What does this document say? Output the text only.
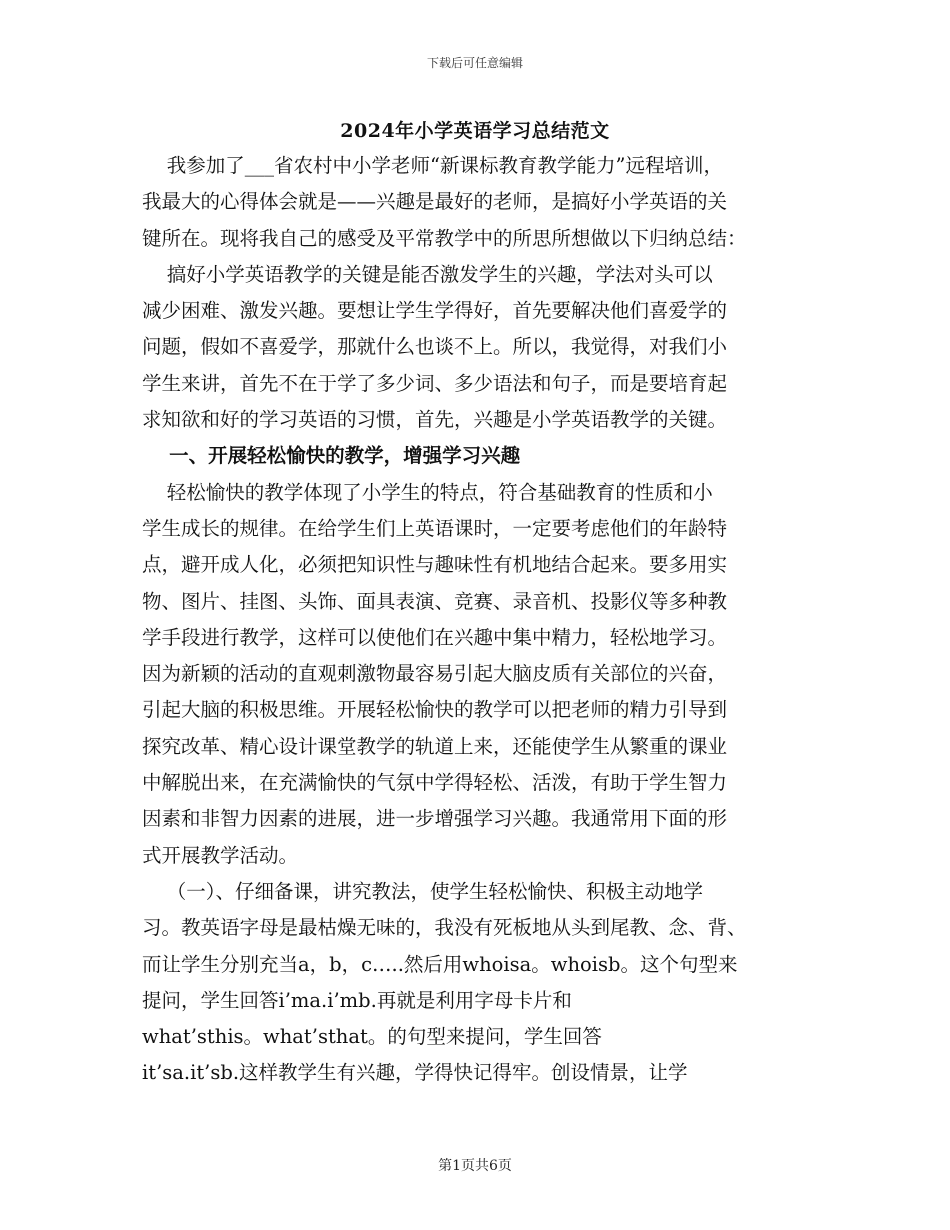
下载后可任意编辑
2024年小学英语学习总结范文
我参加了___省农村中小学老师“新课标教育教学能力”远程培训，
我最大的心得体会就是——兴趣是最好的老师，是搞好小学英语的关
键所在。现将我自己的感受及平常教学中的所思所想做以下归纳总结：
搞好小学英语教学的关键是能否激发学生的兴趣，学法对头可以
减少困难、激发兴趣。要想让学生学得好，首先要解决他们喜爱学的
问题，假如不喜爱学，那就什么也谈不上。所以，我觉得，对我们小
学生来讲，首先不在于学了多少词、多少语法和句子，而是要培育起
求知欲和好的学习英语的习惯，首先，兴趣是小学英语教学的关键。
一、开展轻松愉快的教学，增强学习兴趣
轻松愉快的教学体现了小学生的特点，符合基础教育的性质和小
学生成长的规律。在给学生们上英语课时，一定要考虑他们的年龄特
点，避开成人化，必须把知识性与趣味性有机地结合起来。要多用实
物、图片、挂图、头饰、面具表演、竞赛、录音机、投影仪等多种教
学手段进行教学，这样可以使他们在兴趣中集中精力，轻松地学习。
因为新颖的活动的直观刺激物最容易引起大脑皮质有关部位的兴奋，
引起大脑的积极思维。开展轻松愉快的教学可以把老师的精力引导到
探究改革、精心设计课堂教学的轨道上来，还能使学生从繁重的课业
中解脱出来，在充满愉快的气氛中学得轻松、活泼，有助于学生智力
因素和非智力因素的进展，进一步增强学习兴趣。我通常用下面的形
式开展教学活动。
（一）、仔细备课，讲究教法，使学生轻松愉快、积极主动地学
习。教英语字母是最枯燥无味的，我没有死板地从头到尾教、念、背、
而让学生分别充当a，b，c…..然后用whoisa。whoisb。这个句型来
提问，学生回答i’ma.i’mb.再就是利用字母卡片和
what’sthis。what’sthat。的句型来提问，学生回答
it’sa.it’sb.这样教学生有兴趣，学得快记得牢。创设情景，让学
第1页共6页
